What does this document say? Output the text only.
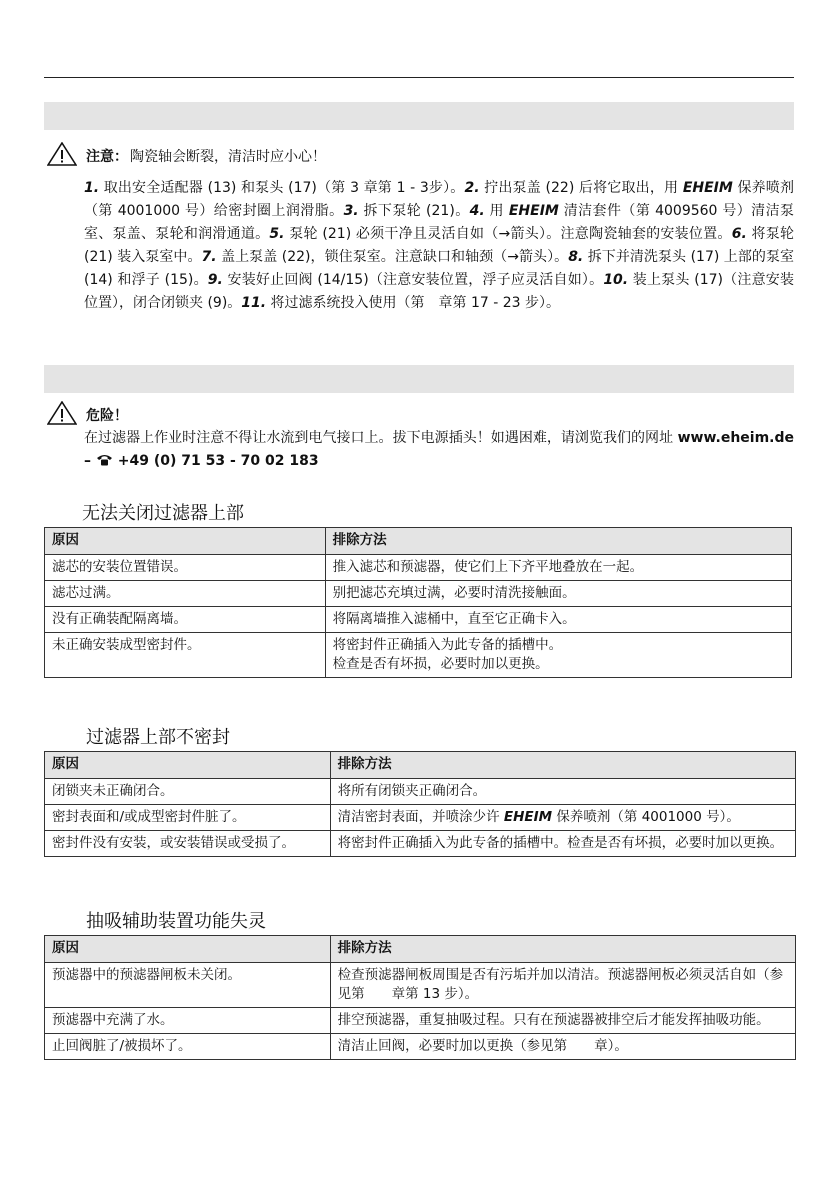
注意： 陶瓷轴会断裂，清洁时应小心！
1. 取出安全适配器 (13) 和泵头 (17)（第 3 章第 1 - 3步）。2. 拧出泵盖 (22) 后将它取出，用 EHEIM 保养喷剂（第 4001000 号）给密封圈上润滑脂。3. 拆下泵轮 (21)。4. 用 EHEIM 清洁套件（第 4009560 号）清洁泵室、泵盖、泵轮和润滑通道。5. 泵轮 (21) 必须干净且灵活自如（→箭头）。注意陶瓷轴套的安装位置。6. 将泵轮 (21) 装入泵室中。7. 盖上泵盖 (22)，锁住泵室。注意缺口和轴颈（→箭头）。8. 拆下并清洗泵头 (17) 上部的泵室 (14) 和浮子 (15)。9. 安装好止回阀 (14/15)（注意安装位置，浮子应灵活自如）。10. 装上泵头 (17)（注意安装位置），闭合闭锁夹 (9)。11. 将过滤系统投入使用（第　章第 17 - 23 步）。
危险！
在过滤器上作业时注意不得让水流到电气接口上。拔下电源插头！如遇困难，请浏览我们的网址 www.eheim.de –  +49 (0) 71 53 - 70 02 183
无法关闭过滤器上部
原因	排除方法
滤芯的安装位置错误。	推入滤芯和预滤器，使它们上下齐平地叠放在一起。
滤芯过满。	别把滤芯充填过满，必要时清洗接触面。
没有正确装配隔离墙。	将隔离墙推入滤桶中，直至它正确卡入。
未正确安装成型密封件。	将密封件正确插入为此专备的插槽中。
检查是否有坏损，必要时加以更换。
过滤器上部不密封
原因	排除方法
闭锁夹未正确闭合。	将所有闭锁夹正确闭合。
密封表面和/或成型密封件脏了。	清洁密封表面，并喷涂少许 EHEIM 保养喷剂（第 4001000 号）。
密封件没有安装，或安装错误或受损了。	将密封件正确插入为此专备的插槽中。检查是否有坏损，必要时加以更换。
抽吸辅助装置功能失灵
原因	排除方法
预滤器中的预滤器闸板未关闭。	检查预滤器闸板周围是否有污垢并加以清洁。预滤器闸板必须灵活自如（参见第　　章第 13 步）。
预滤器中充满了水。	排空预滤器，重复抽吸过程。只有在预滤器被排空后才能发挥抽吸功能。
止回阀脏了/被损坏了。	清洁止回阀，必要时加以更换（参见第　　章）。
